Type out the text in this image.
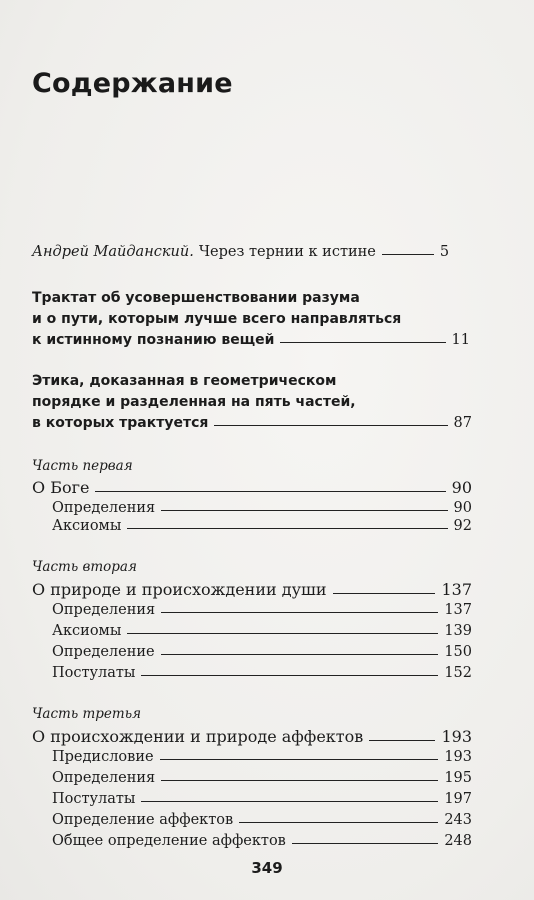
Содержание
Андрей Майданский. Через тернии к истине	5
Трактат об усовершенствовании разума
и о пути, которым лучше всего направляться
к истинному познанию вещей	11
Этика, доказанная в геометрическом
порядке и разделенная на пять частей,
в которых трактуется	87
Часть первая
О Боге	90
Определения	90
Аксиомы	92
Часть вторая
О природе и происхождении души	137
Определения	137
Аксиомы	139
Определение	150
Постулаты	152
Часть третья
О происхождении и природе аффектов	193
Предисловие	193
Определения	195
Постулаты	197
Определение аффектов	243
Общее определение аффектов	248
349
